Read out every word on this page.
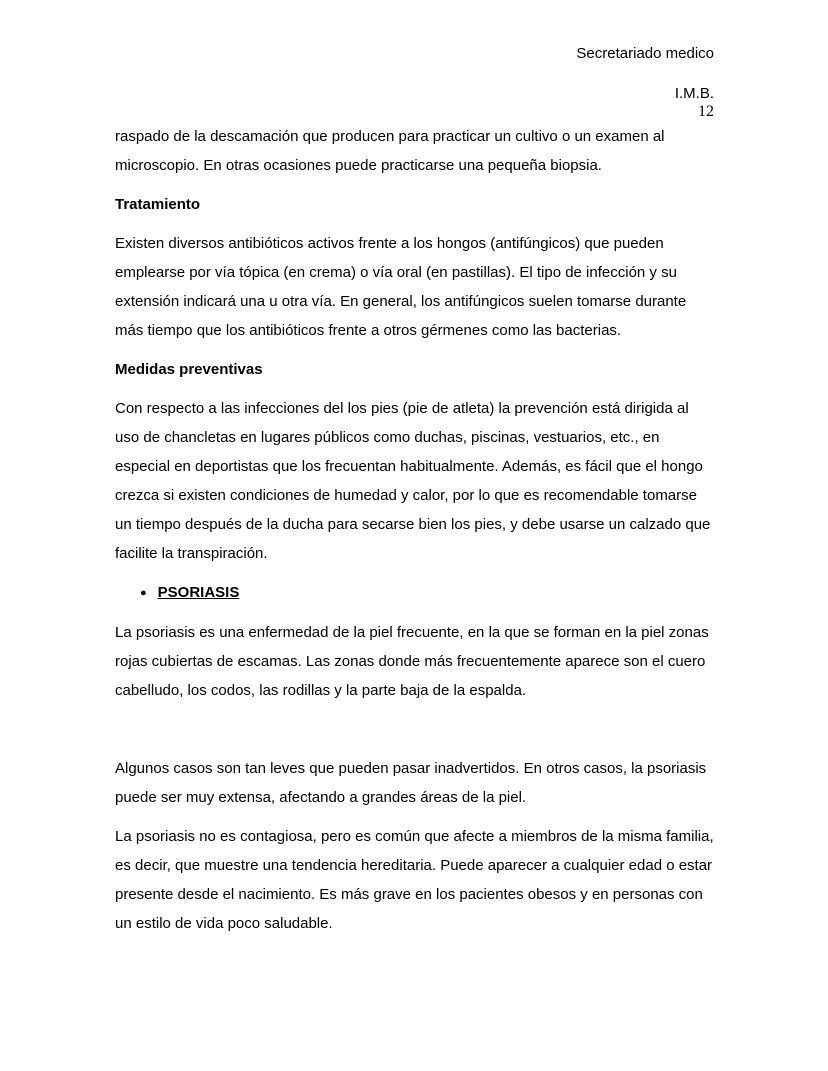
Secretariado medico
I.M.B.
12

raspado de la descamación que producen para practicar un cultivo o un examen al microscopio. En otras ocasiones puede practicarse una pequeña biopsia.

Tratamiento

Existen diversos antibióticos activos frente a los hongos (antifúngicos) que pueden emplearse por vía tópica (en crema) o vía oral (en pastillas). El tipo de infección y su extensión indicará una u otra vía. En general, los antifúngicos suelen tomarse durante más tiempo que los antibióticos frente a otros gérmenes como las bacterias.

Medidas preventivas

Con respecto a las infecciones del los pies (pie de atleta) la prevención está dirigida al uso de chancletas en lugares públicos como duchas, piscinas, vestuarios, etc., en especial en deportistas que los frecuentan habitualmente. Además, es fácil que el hongo crezca si existen condiciones de humedad y calor, por lo que es recomendable tomarse un tiempo después de la ducha para secarse bien los pies, y debe usarse un calzado que facilite la transpiración.

● PSORIASIS

La psoriasis es una enfermedad de la piel frecuente, en la que se forman en la piel zonas rojas cubiertas de escamas. Las zonas donde más frecuentemente aparece son el cuero cabelludo, los codos, las rodillas y la parte baja de la espalda.

Algunos casos son tan leves que pueden pasar inadvertidos. En otros casos, la psoriasis puede ser muy extensa, afectando a grandes áreas de la piel.

La psoriasis no es contagiosa, pero es común que afecte a miembros de la misma familia, es decir, que muestre una tendencia hereditaria. Puede aparecer a cualquier edad o estar presente desde el nacimiento. Es más grave en los pacientes obesos y en personas con un estilo de vida poco saludable.
